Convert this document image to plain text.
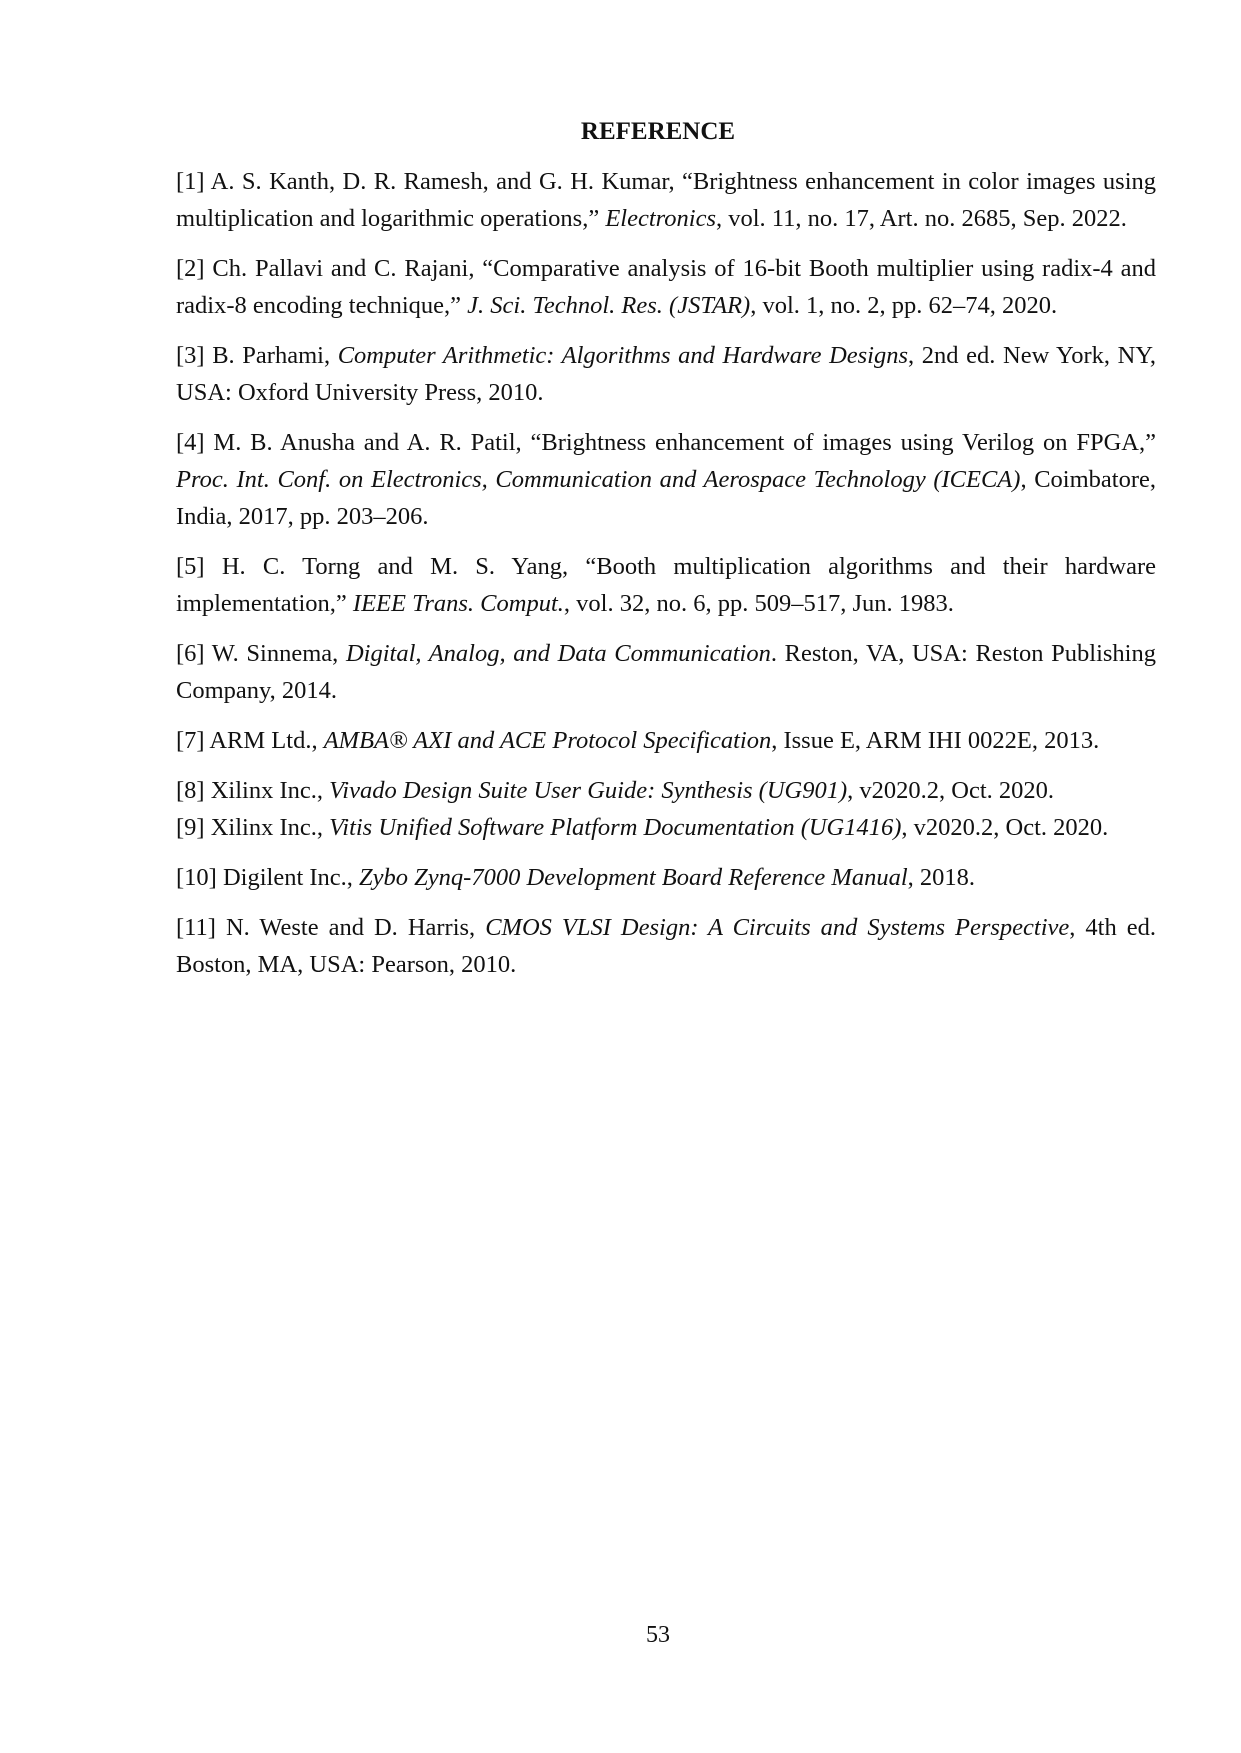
REFERENCE

[1] A. S. Kanth, D. R. Ramesh, and G. H. Kumar, “Brightness enhancement in color images using multiplication and logarithmic operations,” Electronics, vol. 11, no. 17, Art. no. 2685, Sep. 2022.

[2] Ch. Pallavi and C. Rajani, “Comparative analysis of 16-bit Booth multiplier using radix-4 and radix-8 encoding technique,” J. Sci. Technol. Res. (JSTAR), vol. 1, no. 2, pp. 62–74, 2020.

[3] B. Parhami, Computer Arithmetic: Algorithms and Hardware Designs, 2nd ed. New York, NY, USA: Oxford University Press, 2010.

[4] M. B. Anusha and A. R. Patil, “Brightness enhancement of images using Verilog on FPGA,” Proc. Int. Conf. on Electronics, Communication and Aerospace Technology (ICECA), Coimbatore, India, 2017, pp. 203–206.

[5] H. C. Torng and M. S. Yang, “Booth multiplication algorithms and their hardware implementation,” IEEE Trans. Comput., vol. 32, no. 6, pp. 509–517, Jun. 1983.

[6] W. Sinnema, Digital, Analog, and Data Communication. Reston, VA, USA: Reston Publishing Company, 2014.

[7] ARM Ltd., AMBA® AXI and ACE Protocol Specification, Issue E, ARM IHI 0022E, 2013.

[8] Xilinx Inc., Vivado Design Suite User Guide: Synthesis (UG901), v2020.2, Oct. 2020.

[9] Xilinx Inc., Vitis Unified Software Platform Documentation (UG1416), v2020.2, Oct. 2020.

[10] Digilent Inc., Zybo Zynq-7000 Development Board Reference Manual, 2018.

[11] N. Weste and D. Harris, CMOS VLSI Design: A Circuits and Systems Perspective, 4th ed. Boston, MA, USA: Pearson, 2010.

53
